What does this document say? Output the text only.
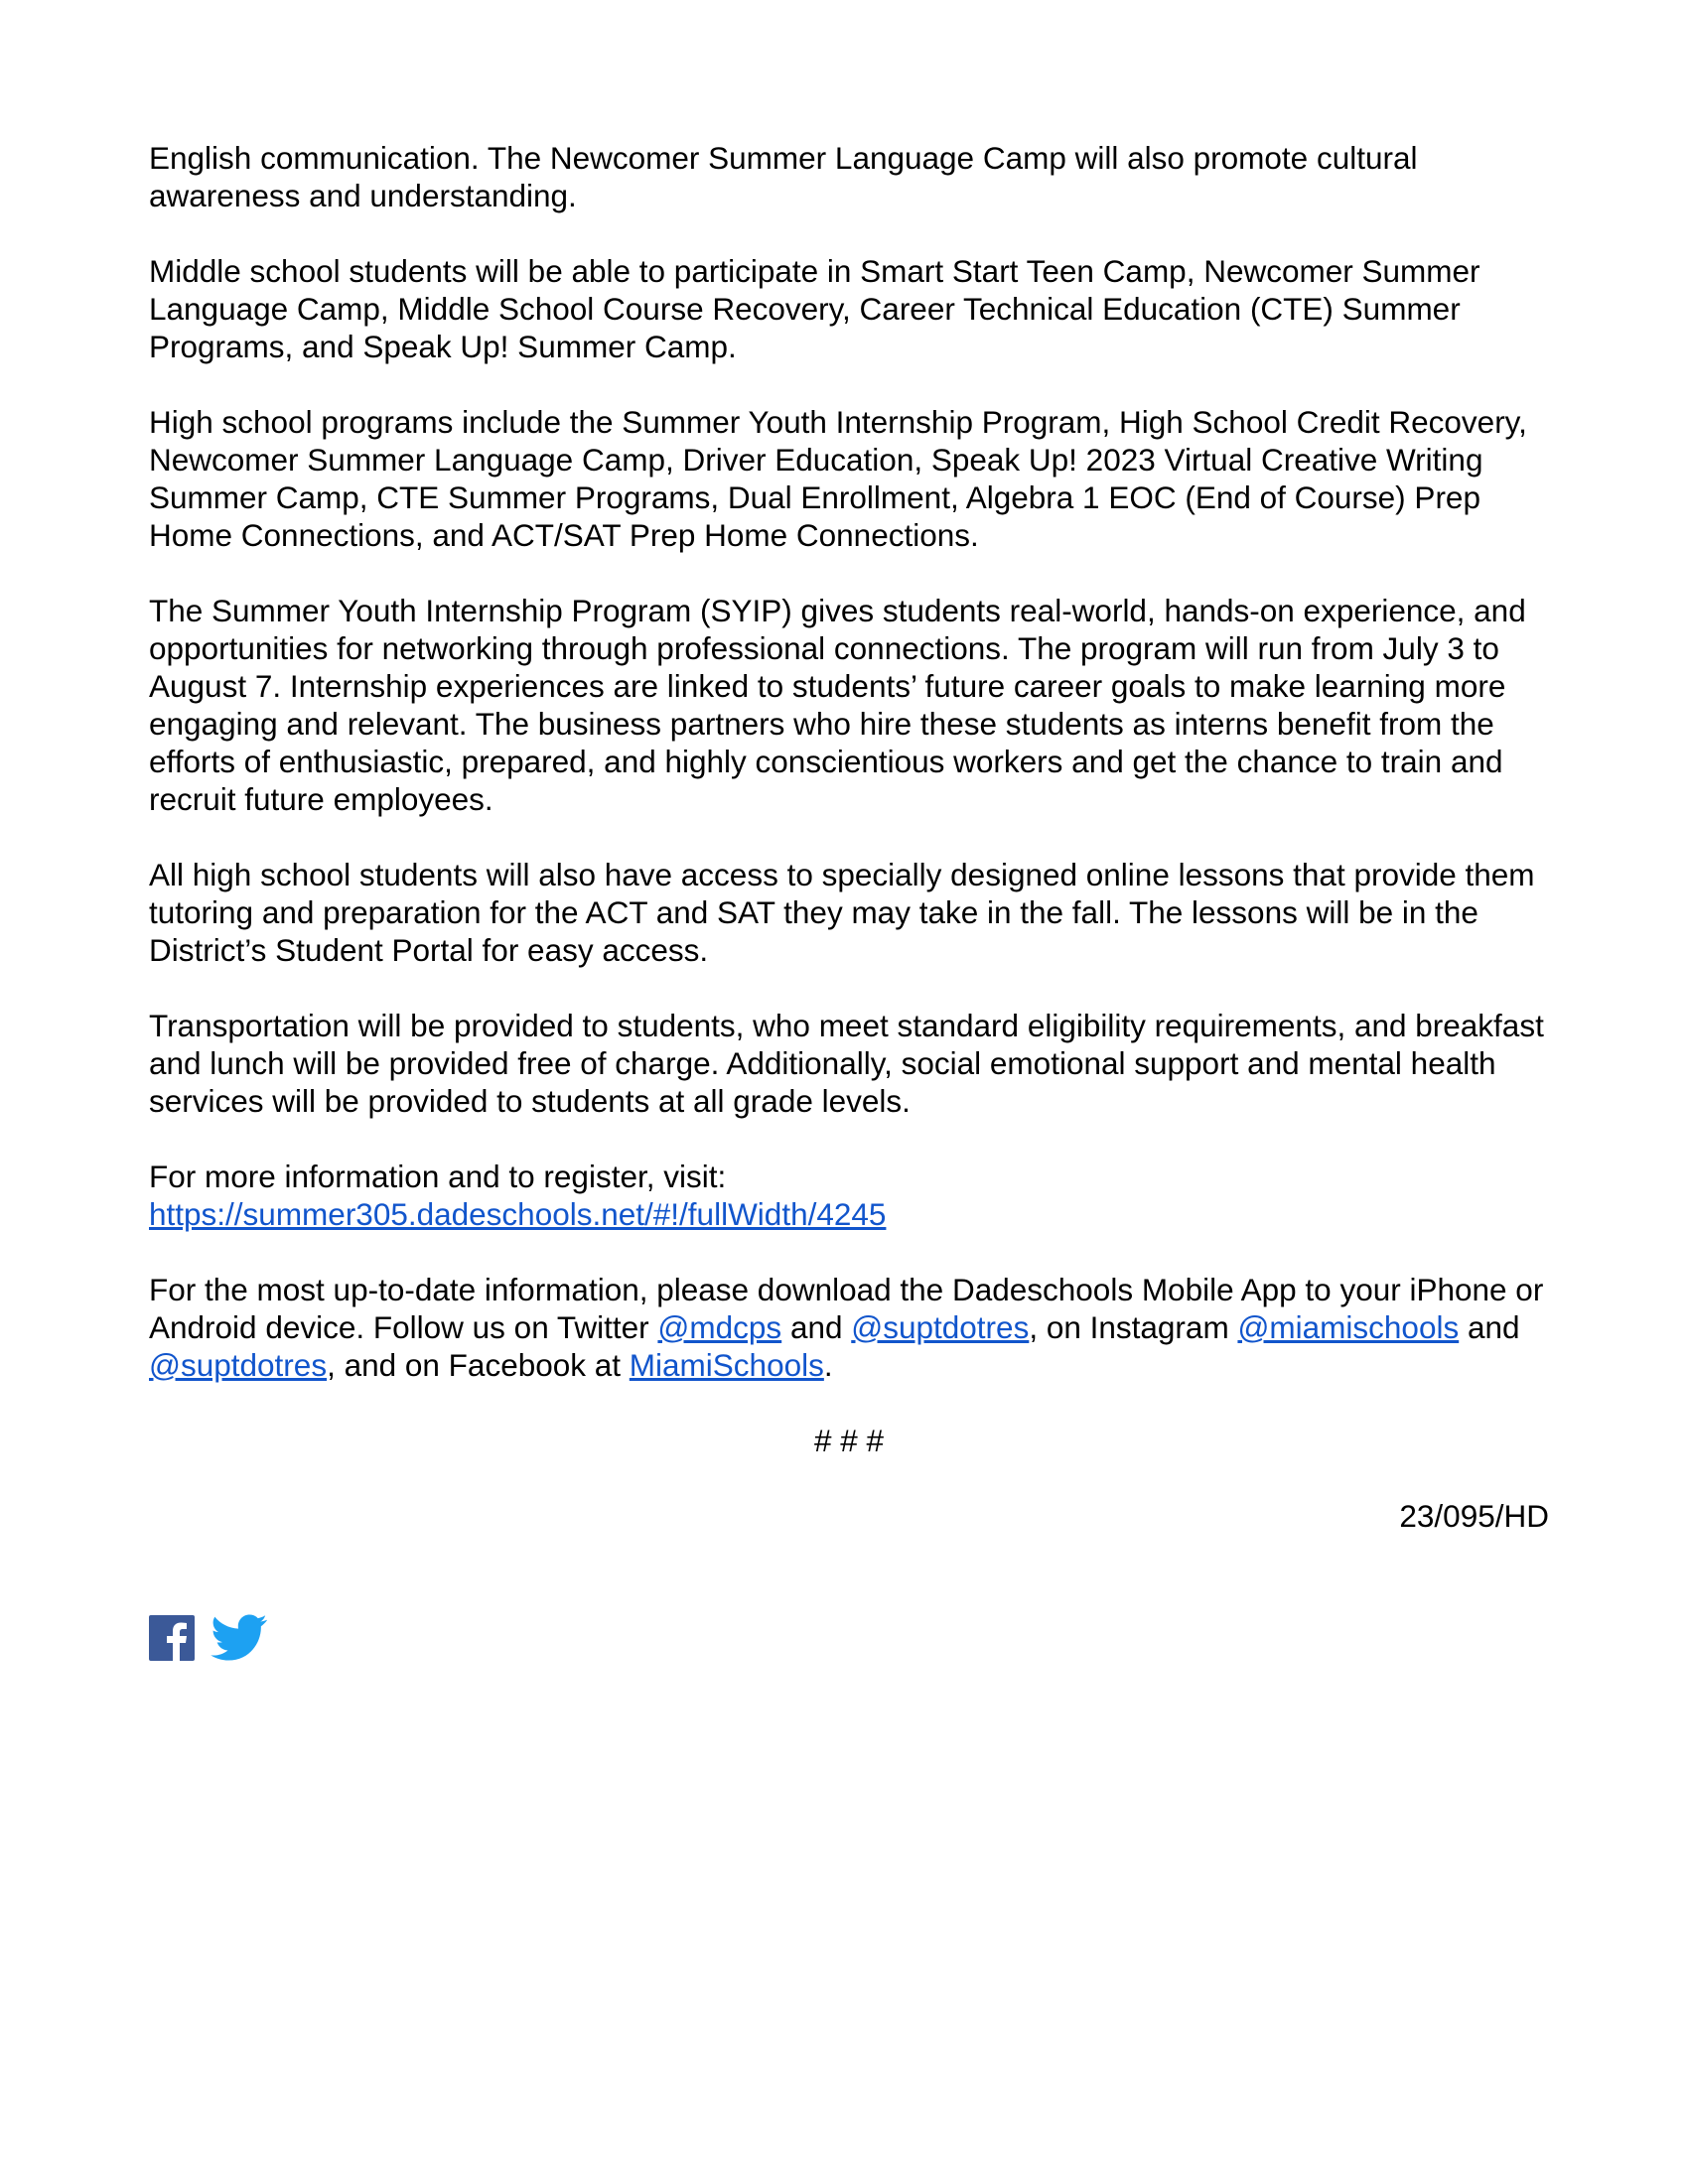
English communication. The Newcomer Summer Language Camp will also promote cultural awareness and understanding.

Middle school students will be able to participate in Smart Start Teen Camp, Newcomer Summer Language Camp, Middle School Course Recovery, Career Technical Education (CTE) Summer Programs, and Speak Up! Summer Camp.

High school programs include the Summer Youth Internship Program, High School Credit Recovery, Newcomer Summer Language Camp, Driver Education, Speak Up! 2023 Virtual Creative Writing Summer Camp, CTE Summer Programs, Dual Enrollment, Algebra 1 EOC (End of Course) Prep Home Connections, and ACT/SAT Prep Home Connections.

The Summer Youth Internship Program (SYIP) gives students real-world, hands-on experience, and opportunities for networking through professional connections. The program will run from July 3 to August 7. Internship experiences are linked to students’ future career goals to make learning more engaging and relevant. The business partners who hire these students as interns benefit from the efforts of enthusiastic, prepared, and highly conscientious workers and get the chance to train and recruit future employees.

All high school students will also have access to specially designed online lessons that provide them tutoring and preparation for the ACT and SAT they may take in the fall. The lessons will be in the District’s Student Portal for easy access.

Transportation will be provided to students, who meet standard eligibility requirements, and breakfast and lunch will be provided free of charge. Additionally, social emotional support and mental health services will be provided to students at all grade levels.

For more information and to register, visit:
https://summer305.dadeschools.net/#!/fullWidth/4245

For the most up-to-date information, please download the Dadeschools Mobile App to your iPhone or Android device. Follow us on Twitter @mdcps and @suptdotres, on Instagram @miamischools and @suptdotres, and on Facebook at MiamiSchools.

# # #
23/095/HD
